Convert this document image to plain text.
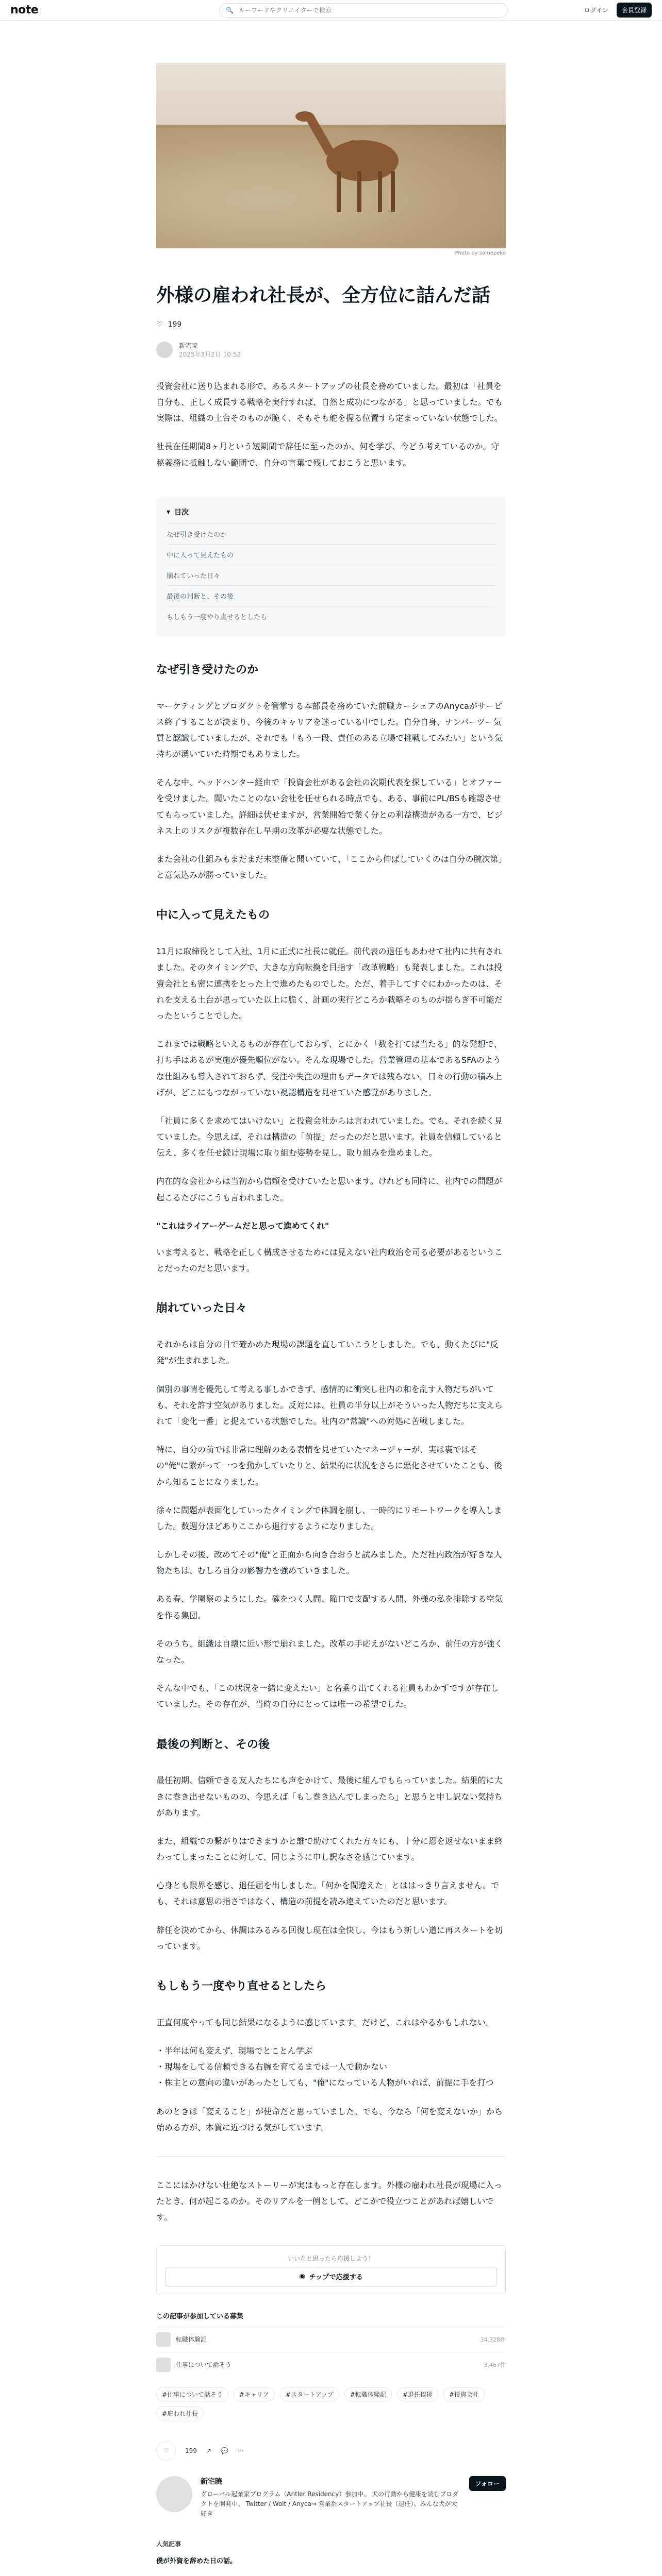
note	🔍
キーワードやクリエイターで検索	ログイン	会員登録
Photo by somepeko
外様の雇われ社長が、全方位に詰んだ話
♡ 199
新宅暁
2025年3月2日 10:52

投資会社に送り込まれる形で、あるスタートアップの社長を務めていました。最初は「社員を自分も、正しく成長する戦略を実行すれば、自然と成功につながる」と思っていました。でも実際は、組織の土台そのものが脆く、そもそも舵を握る位置すら定まっていない状態でした。

社長在任期間8ヶ月という短期間で辞任に至ったのか、何を学び、今どう考えているのか。守秘義務に抵触しない範囲で、自分の言葉で残しておこうと思います。

▾ 目次
なぜ引き受けたのか
中に入って見えたもの
崩れていった日々
最後の判断と、その後
もしもう一度やり直せるとしたら
なぜ引き受けたのか

マーケティングとプロダクトを管掌する本部長を務めていた前職カーシェアのAnycaがサービス終了することが決まり、今後のキャリアを迷っている中でした。自分自身、ナンバーツー気質と認識していましたが、それでも「もう一段、責任のある立場で挑戦してみたい」という気持ちが湧いていた時期でもありました。

そんな中、ヘッドハンター経由で「投資会社がある会社の次期代表を探している」とオファーを受けました。聞いたことのない会社を任せられる時点でも、ある、事前にPL/BSも確認させてもらっていました。詳細は伏せますが、営業開始で業く分との利益構造がある一方で、ビジネス上のリスクが複数存在し早期の改革が必要な状態でした。

また会社の仕組みもまだまだ未整備と聞いていて、「ここから伸ばしていくのは自分の腕次第」と意気込みが勝っていました。

中に入って見えたもの

11月に取締役として入社、1月に正式に社長に就任。前代表の退任もあわせて社内に共有されました。そのタイミングで、大きな方向転換を目指す「改革戦略」も発表しました。これは投資会社とも密に連携をとった上で進めたものでした。ただ、着手してすぐにわかったのは、それを支える土台が思っていた以上に脆く、計画の実行どころか戦略そのものが揺らぎ不可能だったということでした。

これまでは戦略といえるものが存在しておらず、とにかく「数を打てば当たる」的な発想で、打ち手はあるが実施が優先順位がない。そんな現場でした。営業管理の基本であるSFAのような仕組みも導入されておらず、受注や失注の理由もデータでは残らない。日々の行動の積み上げが、どこにもつながっていない視認構造を見せていた感覚がありました。

「社員に多くを求めてはいけない」と投資会社からは言われていました。でも、それを続く見ていました。今思えば、それは構造の「前提」だったのだと思います。社員を信頼していると伝え、多くを任せ続け現場に取り組む姿勢を見し、取り組みを進めました。

内在的な会社からは当初から信頼を受けていたと思います。けれども同時に、社内での問題が起こるたびにこうも言われました。

"これはライアーゲームだと思って進めてくれ"

いま考えると、戦略を正しく構成させるためには見えない社内政治を司る必要があるということだったのだと思います。

崩れていった日々

それからは自分の目で確かめた現場の課題を直していこうとしました。でも、動くたびに"反発"が生まれました。

個別の事情を優先して考える事しかできず、感情的に衝突し社内の和を乱す人物だちがいても、それを許す空気がありました。反対には、社員の半分以上がそういった人物だちに支えられて「変化一番」と捉えている状態でした。社内の"常識"への対処に苦戦しました。

特に、自分の前では非常に理解のある表情を見せていたマネージャーが、実は裏ではその"俺"に繋がって一つを動かしていたりと、結果的に状況をさらに悪化させていたことも、後から知ることになりました。

徐々に問題が表面化していったタイミングで体調を崩し、一時的にリモートワークを導入しました。数週分ほどありここから退行するようになりました。

しかしその後、改めてその"俺"と正面から向き合おうと試みました。ただ社内政治が好きな人物たちは、むしろ自分の影響力を強めていきました。

ある春、学園祭のようにした。確をつく人間、陥口で支配する人間、外様の私を排除する空気を作る集団。

そのうち、組織は自壊に近い形で崩れました。改革の手応えがないどころか、前任の方が強くなった。

そんな中でも、「この状況を一緒に変えたい」と名乗り出てくれる社員もわかずですが存在していました。その存在が、当時の自分にとっては唯一の希望でした。

最後の判断と、その後

最任初期、信頼できる友人たちにも声をかけて、最後に組んでもらっていました。結果的に大きに巻き出せないものの、今思えば「もし巻き込んでしまったら」と思うと申し訳ない気持ちがあります。

また、組織での繋がりはできますかと誰で助けてくれた方々にも、十分に恩を返せないまま終わってしまったことに対して、同じように申し訳なさを感じています。

心身とも限界を感じ、退任届を出しました。「何かを間違えた」とははっきり言えません。でも、それは意思の指さではなく、構造の前提を読み違えていたのだと思います。

辞任を決めてから、休調はみるみる回復し現在は全快し、今はもう新しい道に再スタートを切っています。

もしもう一度やり直せるとしたら

正直何度やっても同じ結果になるように感じています。だけど、これはやるかもしれない。

・半年は何も変えず、現場でとことん学ぶ
・現場をしてる信頼できる右腕を育てるまでは一人で動かない
・株主との意向の違いがあったとしても、"俺"になっている人物がいれば、前提に手を打つ

あのときは「変えること」が使命だと思っていました。でも、今なら「何を変えないか」から始める方が、本質に近づける気がしています。

ここにはかけない壮絶なストーリーが実はもっと存在します。外様の雇われ社長が現場に入ったとき、何が起こるのか。そのリアルを一例として、どこかで役立つことがあれば嬉しいです。

いいなと思ったら応援しよう！
◉ チップで応援する
この記事が参加している募集
転職体験記	34,328件
仕事について話そう	3,467件
#仕事について話そう	#キャリア	#スタートアップ	#転職体験記	#退任挨拶	#投資会社
#雇われ社長
♡	199 ↗ 💬 ⋯
新宅暁
グローバル起業家プログラム（Antler Residency）参加中。 犬の行動から健康を読むプロダクトを開発中。 Twitter / Wolt / Anyca→ 営業系スタートアップ社長（退任）。みんな犬が大好き
フォロー
人気記事
僕が外資を辞めた日の話。
